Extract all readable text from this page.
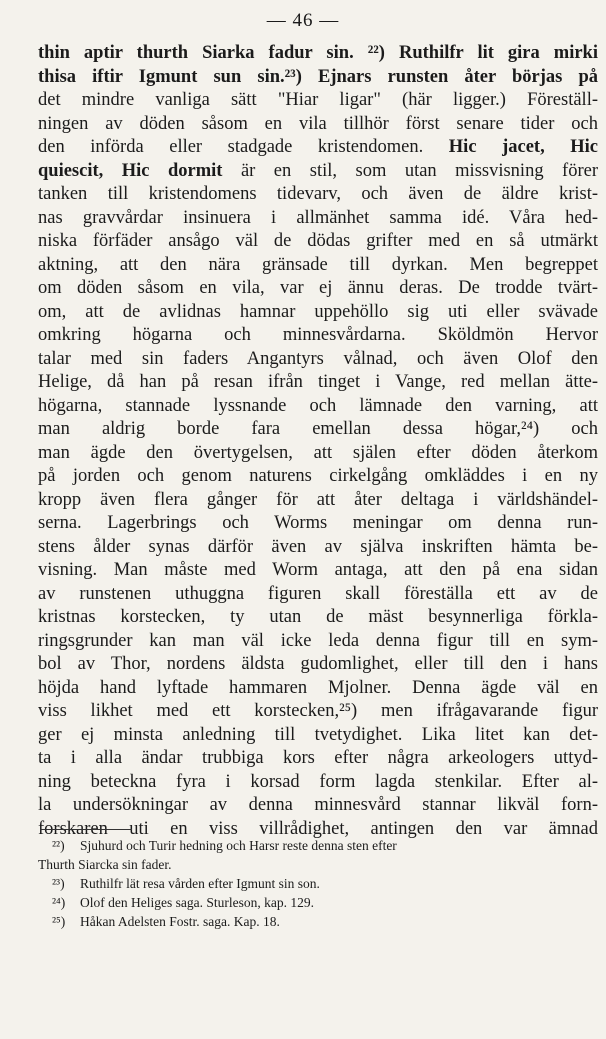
— 46 —
thin aptir thurth Siarka fadur sin. ²²) Ruthilfr lit gira mirki
thisa iftir Igmunt sun sin.²³) Ejnars runsten åter börjas på
det mindre vanliga sätt "Hiar ligar" (här ligger.) Föreställ-
ningen av döden såsom en vila tillhör först senare tider och
den införda eller stadgade kristendomen. Hic jacet, Hic
quiescit, Hic dormit är en stil, som utan missvisning förer
tanken till kristendomens tidevarv, och även de äldre krist-
nas gravvårdar insinuera i allmänhet samma idé. Våra hed-
niska förfäder ansågo väl de dödas grifter med en så utmärkt
aktning, att den nära gränsade till dyrkan. Men begreppet
om döden såsom en vila, var ej ännu deras. De trodde tvärt-
om, att de avlidnas hamnar uppehöllo sig uti eller svävade
omkring högarna och minnesvårdarna. Sköldmön Hervor
talar med sin faders Angantyrs vålnad, och även Olof den
Helige, då han på resan ifrån tinget i Vange, red mellan ätte-
högarna, stannade lyssnande och lämnade den varning, att
man aldrig borde fara emellan dessa högar,²⁴) och
man ägde den övertygelsen, att själen efter döden återkom
på jorden och genom naturens cirkelgång omkläddes i en ny
kropp även flera gånger för att åter deltaga i världshändel-
serna. Lagerbrings och Worms meningar om denna run-
stens ålder synas därför även av själva inskriften hämta be-
visning. Man måste med Worm antaga, att den på ena sidan
av runstenen uthuggna figuren skall föreställa ett av de
kristnas korstecken, ty utan de mäst besynnerliga förkla-
ringsgrunder kan man väl icke leda denna figur till en sym-
bol av Thor, nordens äldsta gudomlighet, eller till den i hans
höjda hand lyftade hammaren Mjolner. Denna ägde väl en
viss likhet med ett korstecken,²⁵) men ifrågavarande figur
ger ej minsta anledning till tvetydighet. Lika litet kan det-
ta i alla ändar trubbiga kors efter några arkeologers uttyd-
ning beteckna fyra i korsad form lagda stenkilar. Efter al-
la undersökningar av denna minnesvård stannar likväl forn-
forskaren uti en viss villrådighet, antingen den var ämnad
²²) Sjuhurd och Turir hedning och Harsr reste denna sten efter
Thurth Siarcka sin fader.
²³) Ruthilfr lät resa vården efter Igmunt sin son.
²⁴) Olof den Heliges saga. Sturleson, kap. 129.
²⁵) Håkan Adelsten Fostr. saga. Kap. 18.
